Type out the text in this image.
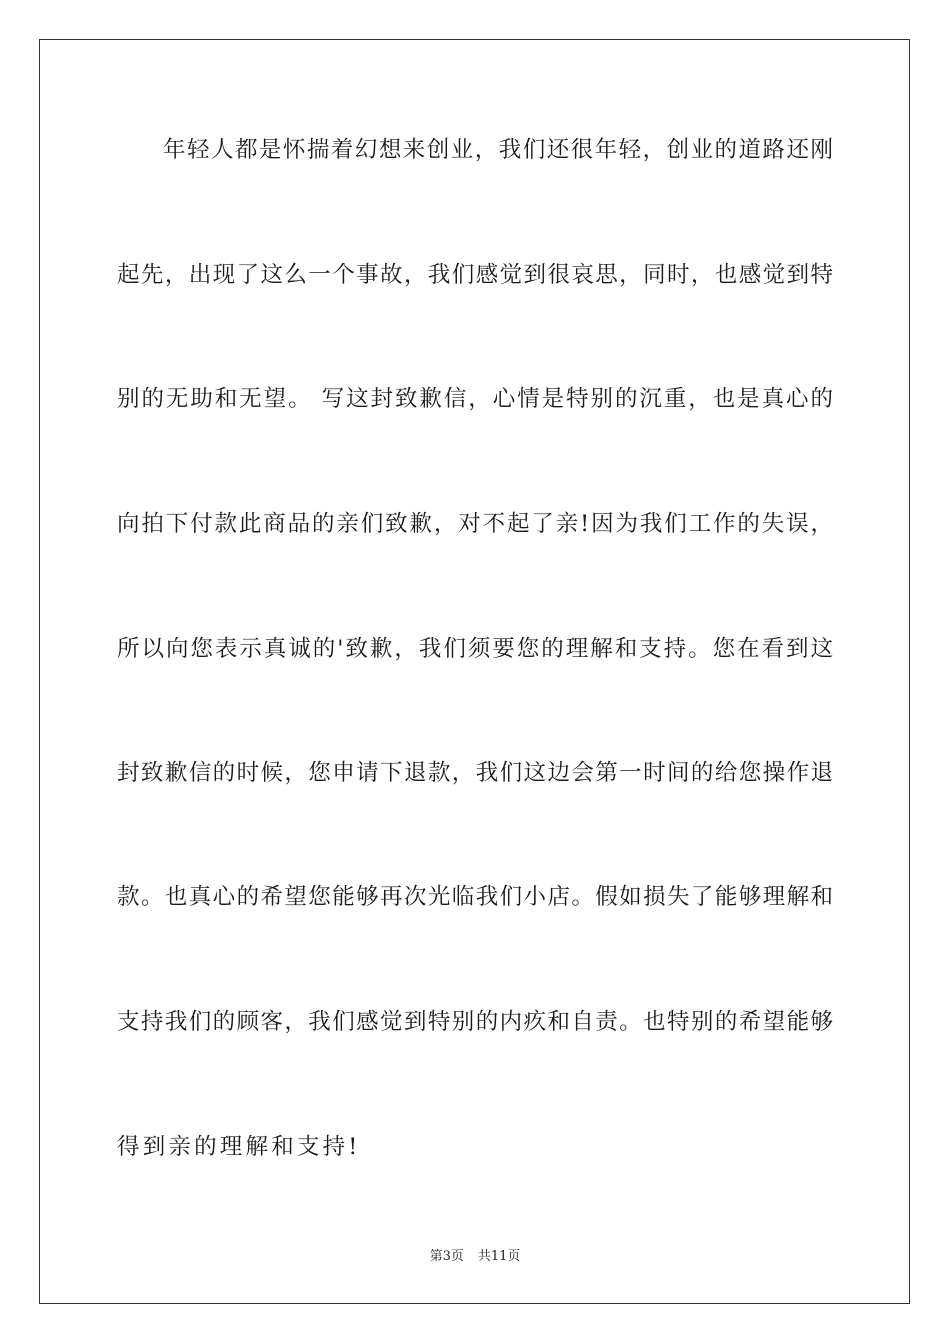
年轻人都是怀揣着幻想来创业，我们还很年轻，创业的道路还刚
起先，出现了这么一个事故，我们感觉到很哀思，同时，也感觉到特
别的无助和无望。 写这封致歉信，心情是特别的沉重，也是真心的
向拍下付款此商品的亲们致歉，对不起了亲!因为我们工作的失误，
所以向您表示真诚的'致歉，我们须要您的理解和支持。您在看到这
封致歉信的时候，您申请下退款，我们这边会第一时间的给您操作退
款。也真心的希望您能够再次光临我们小店。假如损失了能够理解和
支持我们的顾客，我们感觉到特别的内疚和自责。也特别的希望能够
得到亲的理解和支持!
第3页 共11页
